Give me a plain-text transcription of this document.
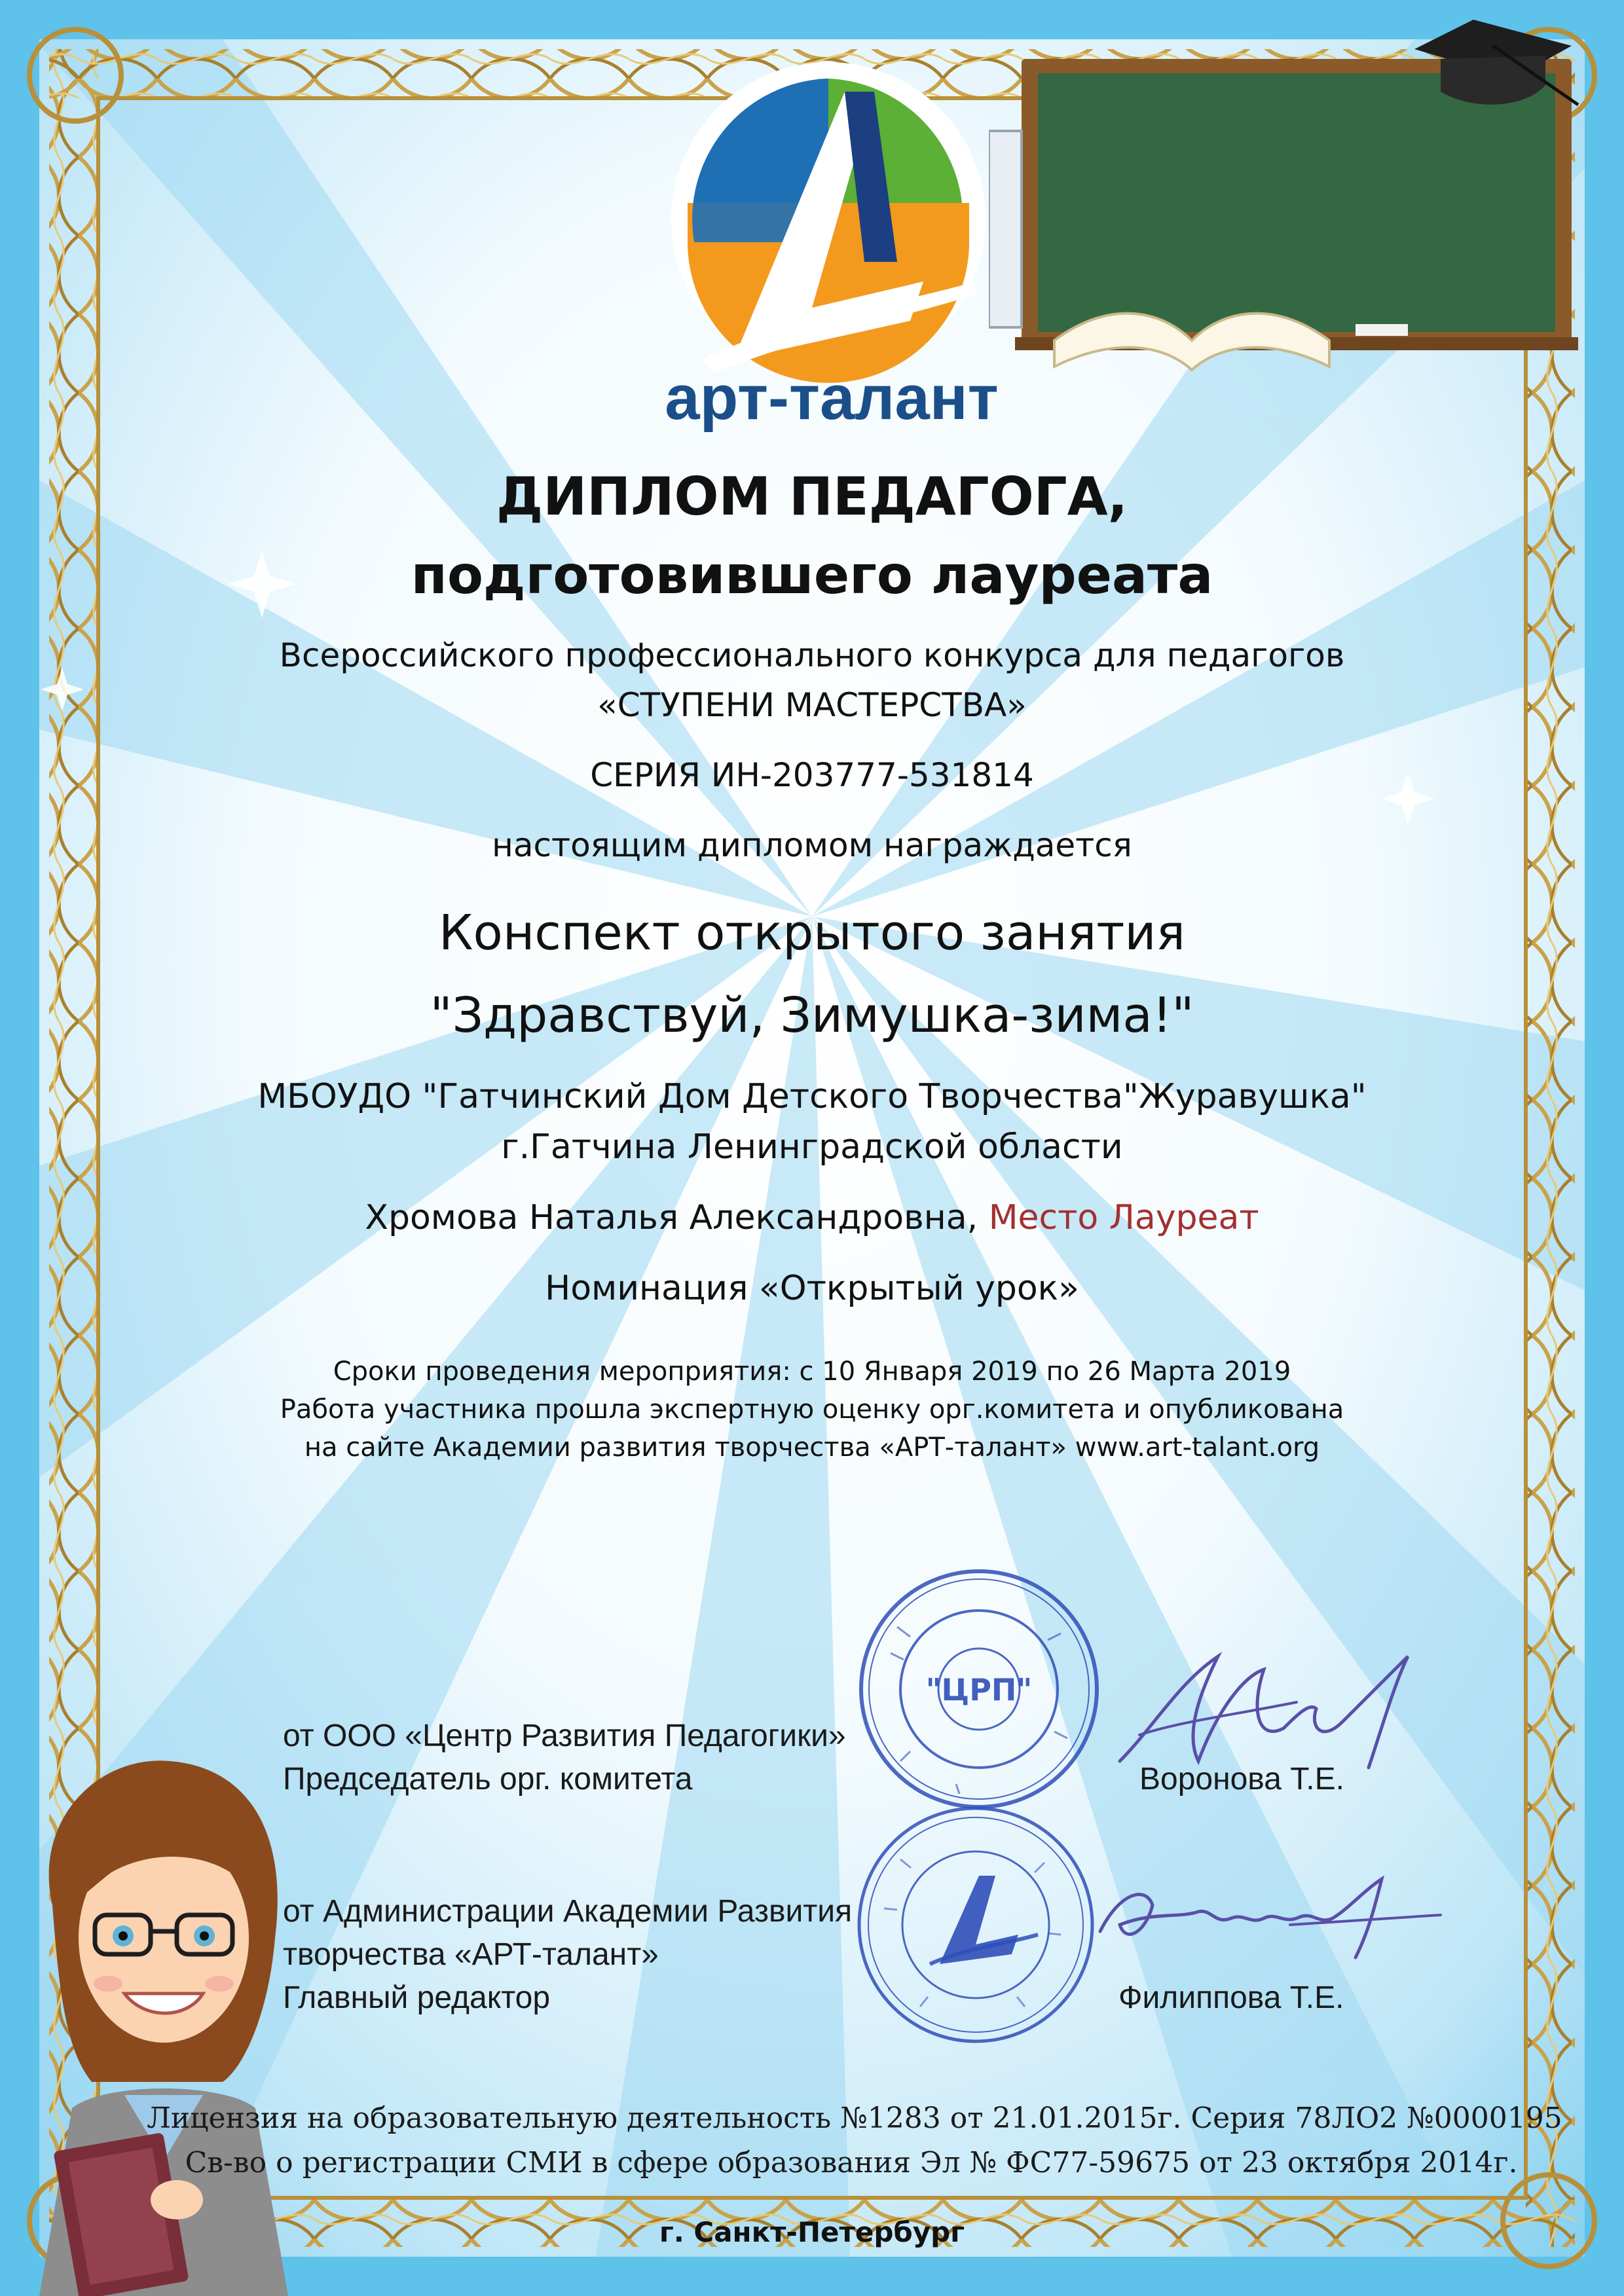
арт-талант
ДИПЛОМ ПЕДАГОГА,
подготовившего лауреата
Всероссийского профессионального конкурса для педагогов
«СТУПЕНИ МАСТЕРСТВА»
СЕРИЯ ИН-203777-531814
настоящим дипломом награждается
Конспект открытого занятия
"Здравствуй, Зимушка-зима!"
МБОУДО "Гатчинский Дом Детского Творчества"Журавушка"
г.Гатчина Ленинградской области
Хромова Наталья Александровна, Место Лауреат
Номинация «Открытый урок»
Сроки проведения мероприятия: с 10 Января 2019 по 26 Марта 2019
Работа участника прошла экспертную оценку орг.комитета и опубликована
на сайте Академии развития творчества «АРТ-талант» www.art-talant.org
от ООО «Центр Развития Педагогики»
Председатель орг. комитета	Воронова Т.Е.
от Администрации Академии Развития
творчества «АРТ-талант»
Главный редактор	Филиппова Т.Е.
"ЦРП"
Лицензия на образовательную деятельность №1283 от 21.01.2015г. Серия 78ЛО2 №0000195
Св-во о регистрации СМИ в сфере образования Эл № ФС77-59675 от 23 октября 2014г.
г. Санкт-Петербург
